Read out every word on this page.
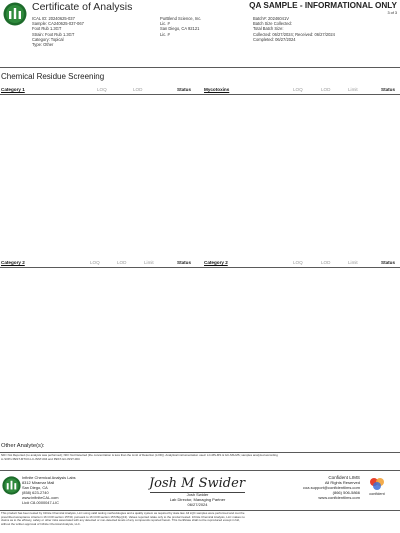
Certificate of Analysis	QA SAMPLE - INFORMATIONAL ONLY
3 of 3
ICAL ID: 20240625-037
Sample: CA240625-037-067
Foot Rub 1.3GT
Strain: Foot Rub 1.3GT
Category: Topical
Type: Other
PurBlend Science, Inc.
Lic. #
San Diego, CA 92121
Lic. #
Batch#: 20246041V
Batch Size Collected:
Total Batch Size:
Collected: 06/27/2024; Received: 06/27/2024
Completed: 06/27/2024
Chemical Residue Screening
Category 1	LOQ	LOD	Status	Mycotoxins	LOQ	LOD	Limit	Status
Category 2	LOQ	LOD	Limit	Status	Category 2	LOQ	LOD	Limit	Status
Other Analyte(s):
ND= Not Reported (no analysis was performed); ND= Not Detected (the concentration is less than the Limit of Detection (LOD)). Analytical instrumentation used: LC-MS-MS & GC-MS-MS; samples analyzed according
to SOPs PEST-MTCO-LC-INST-004 and PEST-GC-INST-003.
Infinite Chemical Analysis Labs
8312 Miramar Mall
San Diego, CA
(858) 623-2740
www.infiniteCAL.com
Lic# C8-0000047-LIC
Josh M Swider
Josh Swider
Lab Director, Managing Partner
06/27/2024
Confident LIMS
All Rights Reserved
coa.support@confidentlims.com
(866) 506-5866
www.confidentlims.com
confident
This product has been tested by Infinite Chemical Analysis, LLC using valid testing methodologies and a quality system as required by state law. All LQC samples were performed and met the
prescribed acceptance criteria in 16 CCR section 15730, pursuant to 16 CCR section 15726(e)(13). Values reported relate only to the product tested. Infinite Chemical Analysis, LLC makes no
claims as to the efficacy, safety or other risks associated with any detected or non-detected levels of any compounds reported herein. This Certificate shall not be reproduced except in full,
without the written approval of Infinite Chemical Analysis, LLC.
